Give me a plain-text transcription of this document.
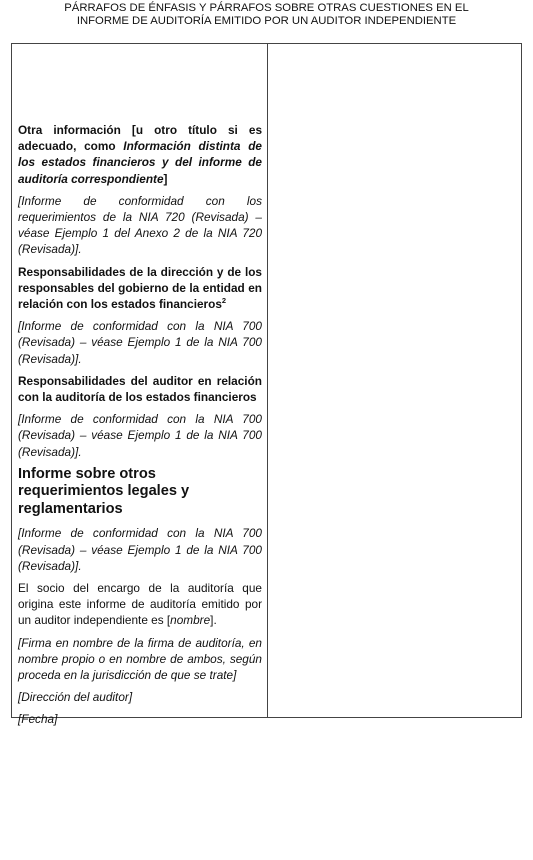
PÁRRAFOS DE ÉNFASIS Y PÁRRAFOS SOBRE OTRAS CUESTIONES EN EL
INFORME DE AUDITORÍA EMITIDO POR UN AUDITOR INDEPENDIENTE

Otra información [u otro título si es adecuado, como Información distinta de los estados financieros y del informe de auditoría correspondiente]

[Informe de conformidad con los requerimientos de la NIA 720 (Revisada) – véase Ejemplo 1 del Anexo 2 de la NIA 720 (Revisada)].

Responsabilidades de la dirección y de los responsables del gobierno de la entidad en relación con los estados financieros$^2$

[Informe de conformidad con la NIA 700 (Revisada) – véase Ejemplo 1 de la NIA 700 (Revisada)].

Responsabilidades del auditor en relación con la auditoría de los estados financieros

[Informe de conformidad con la NIA 700 (Revisada) – véase Ejemplo 1 de la NIA 700 (Revisada)].

Informe sobre otros requerimientos legales y reglamentarios

[Informe de conformidad con la NIA 700 (Revisada) – véase Ejemplo 1 de la NIA 700 (Revisada)].

El socio del encargo de la auditoría que origina este informe de auditoría emitido por un auditor independiente es [nombre].

[Firma en nombre de la firma de auditoría, en nombre propio o en nombre de ambos, según proceda en la jurisdicción de que se trate]

[Dirección del auditor]

[Fecha]
